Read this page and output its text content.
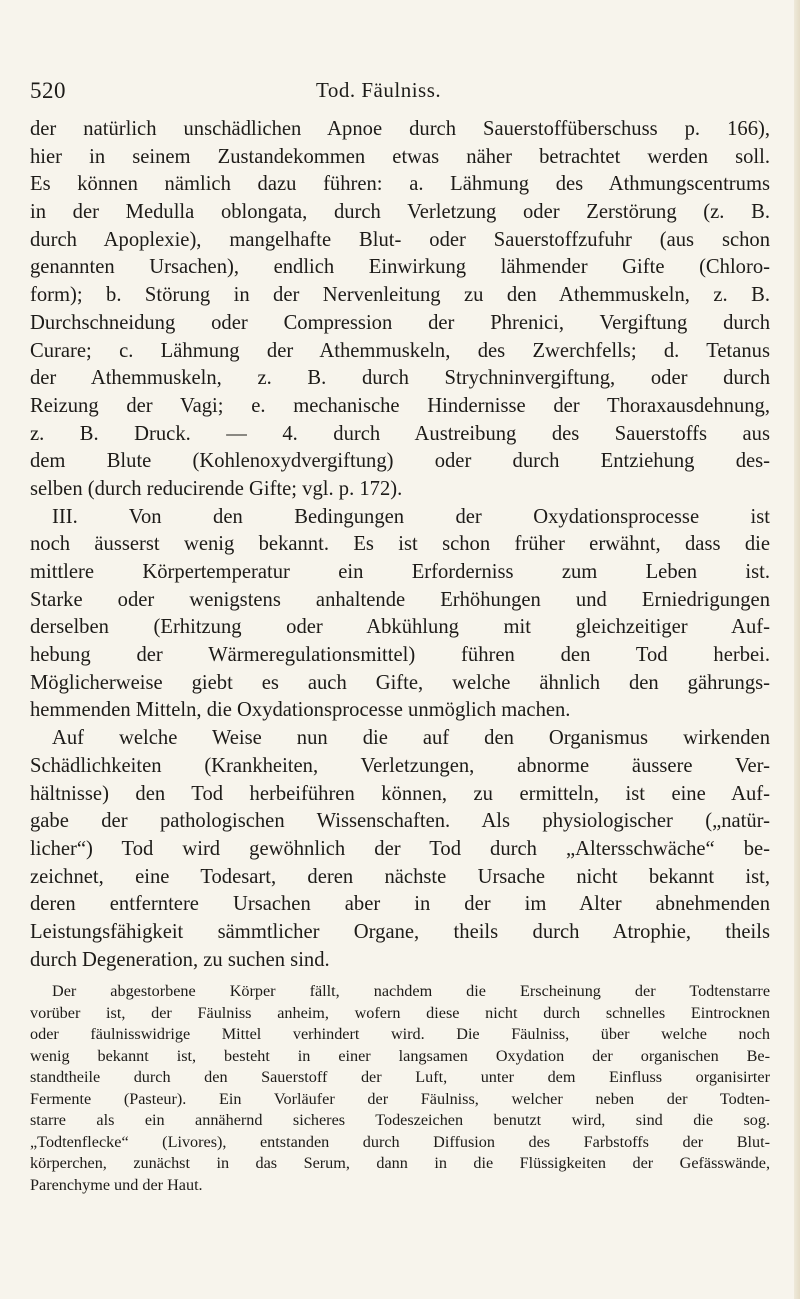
520	Tod. Fäulniss.

der natürlich unschädlichen Apnoe durch Sauerstoffüberschuss p. 166),

hier in seinem Zustandekommen etwas näher betrachtet werden soll.

Es können nämlich dazu führen: a. Lähmung des Athmungscentrums

in der Medulla oblongata, durch Verletzung oder Zerstörung (z. B.

durch Apoplexie), mangelhafte Blut- oder Sauerstoffzufuhr (aus schon

genannten Ursachen), endlich Einwirkung lähmender Gifte (Chloro-

form); b. Störung in der Nervenleitung zu den Athemmuskeln, z. B.

Durchschneidung oder Compression der Phrenici, Vergiftung durch

Curare; c. Lähmung der Athemmuskeln, des Zwerchfells; d. Tetanus

der Athemmuskeln, z. B. durch Strychninvergiftung, oder durch

Reizung der Vagi; e. mechanische Hindernisse der Thoraxausdehnung,

z. B. Druck. — 4. durch Austreibung des Sauerstoffs aus

dem Blute (Kohlenoxydvergiftung) oder durch Entziehung des-

selben (durch reducirende Gifte; vgl. p. 172).

III. Von den Bedingungen der Oxydationsprocesse ist

noch äusserst wenig bekannt. Es ist schon früher erwähnt, dass die

mittlere Körpertemperatur ein Erforderniss zum Leben ist.

Starke oder wenigstens anhaltende Erhöhungen und Erniedrigungen

derselben (Erhitzung oder Abkühlung mit gleichzeitiger Auf-

hebung der Wärmeregulationsmittel) führen den Tod herbei.

Möglicherweise giebt es auch Gifte, welche ähnlich den gährungs-

hemmenden Mitteln, die Oxydationsprocesse unmöglich machen.

Auf welche Weise nun die auf den Organismus wirkenden

Schädlichkeiten (Krankheiten, Verletzungen, abnorme äussere Ver-

hältnisse) den Tod herbeiführen können, zu ermitteln, ist eine Auf-

gabe der pathologischen Wissenschaften. Als physiologischer („natür-

licher“) Tod wird gewöhnlich der Tod durch „Altersschwäche“ be-

zeichnet, eine Todesart, deren nächste Ursache nicht bekannt ist,

deren entferntere Ursachen aber in der im Alter abnehmenden

Leistungsfähigkeit sämmtlicher Organe, theils durch Atrophie, theils

durch Degeneration, zu suchen sind.

Der abgestorbene Körper fällt, nachdem die Erscheinung der Todtenstarre

vorüber ist, der Fäulniss anheim, wofern diese nicht durch schnelles Eintrocknen

oder fäulnisswidrige Mittel verhindert wird. Die Fäulniss, über welche noch

wenig bekannt ist, besteht in einer langsamen Oxydation der organischen Be-

standtheile durch den Sauerstoff der Luft, unter dem Einfluss organisirter

Fermente (Pasteur). Ein Vorläufer der Fäulniss, welcher neben der Todten-

starre als ein annähernd sicheres Todeszeichen benutzt wird, sind die sog.

„Todtenflecke“ (Livores), entstanden durch Diffusion des Farbstoffs der Blut-

körperchen, zunächst in das Serum, dann in die Flüssigkeiten der Gefässwände,

Parenchyme und der Haut.
